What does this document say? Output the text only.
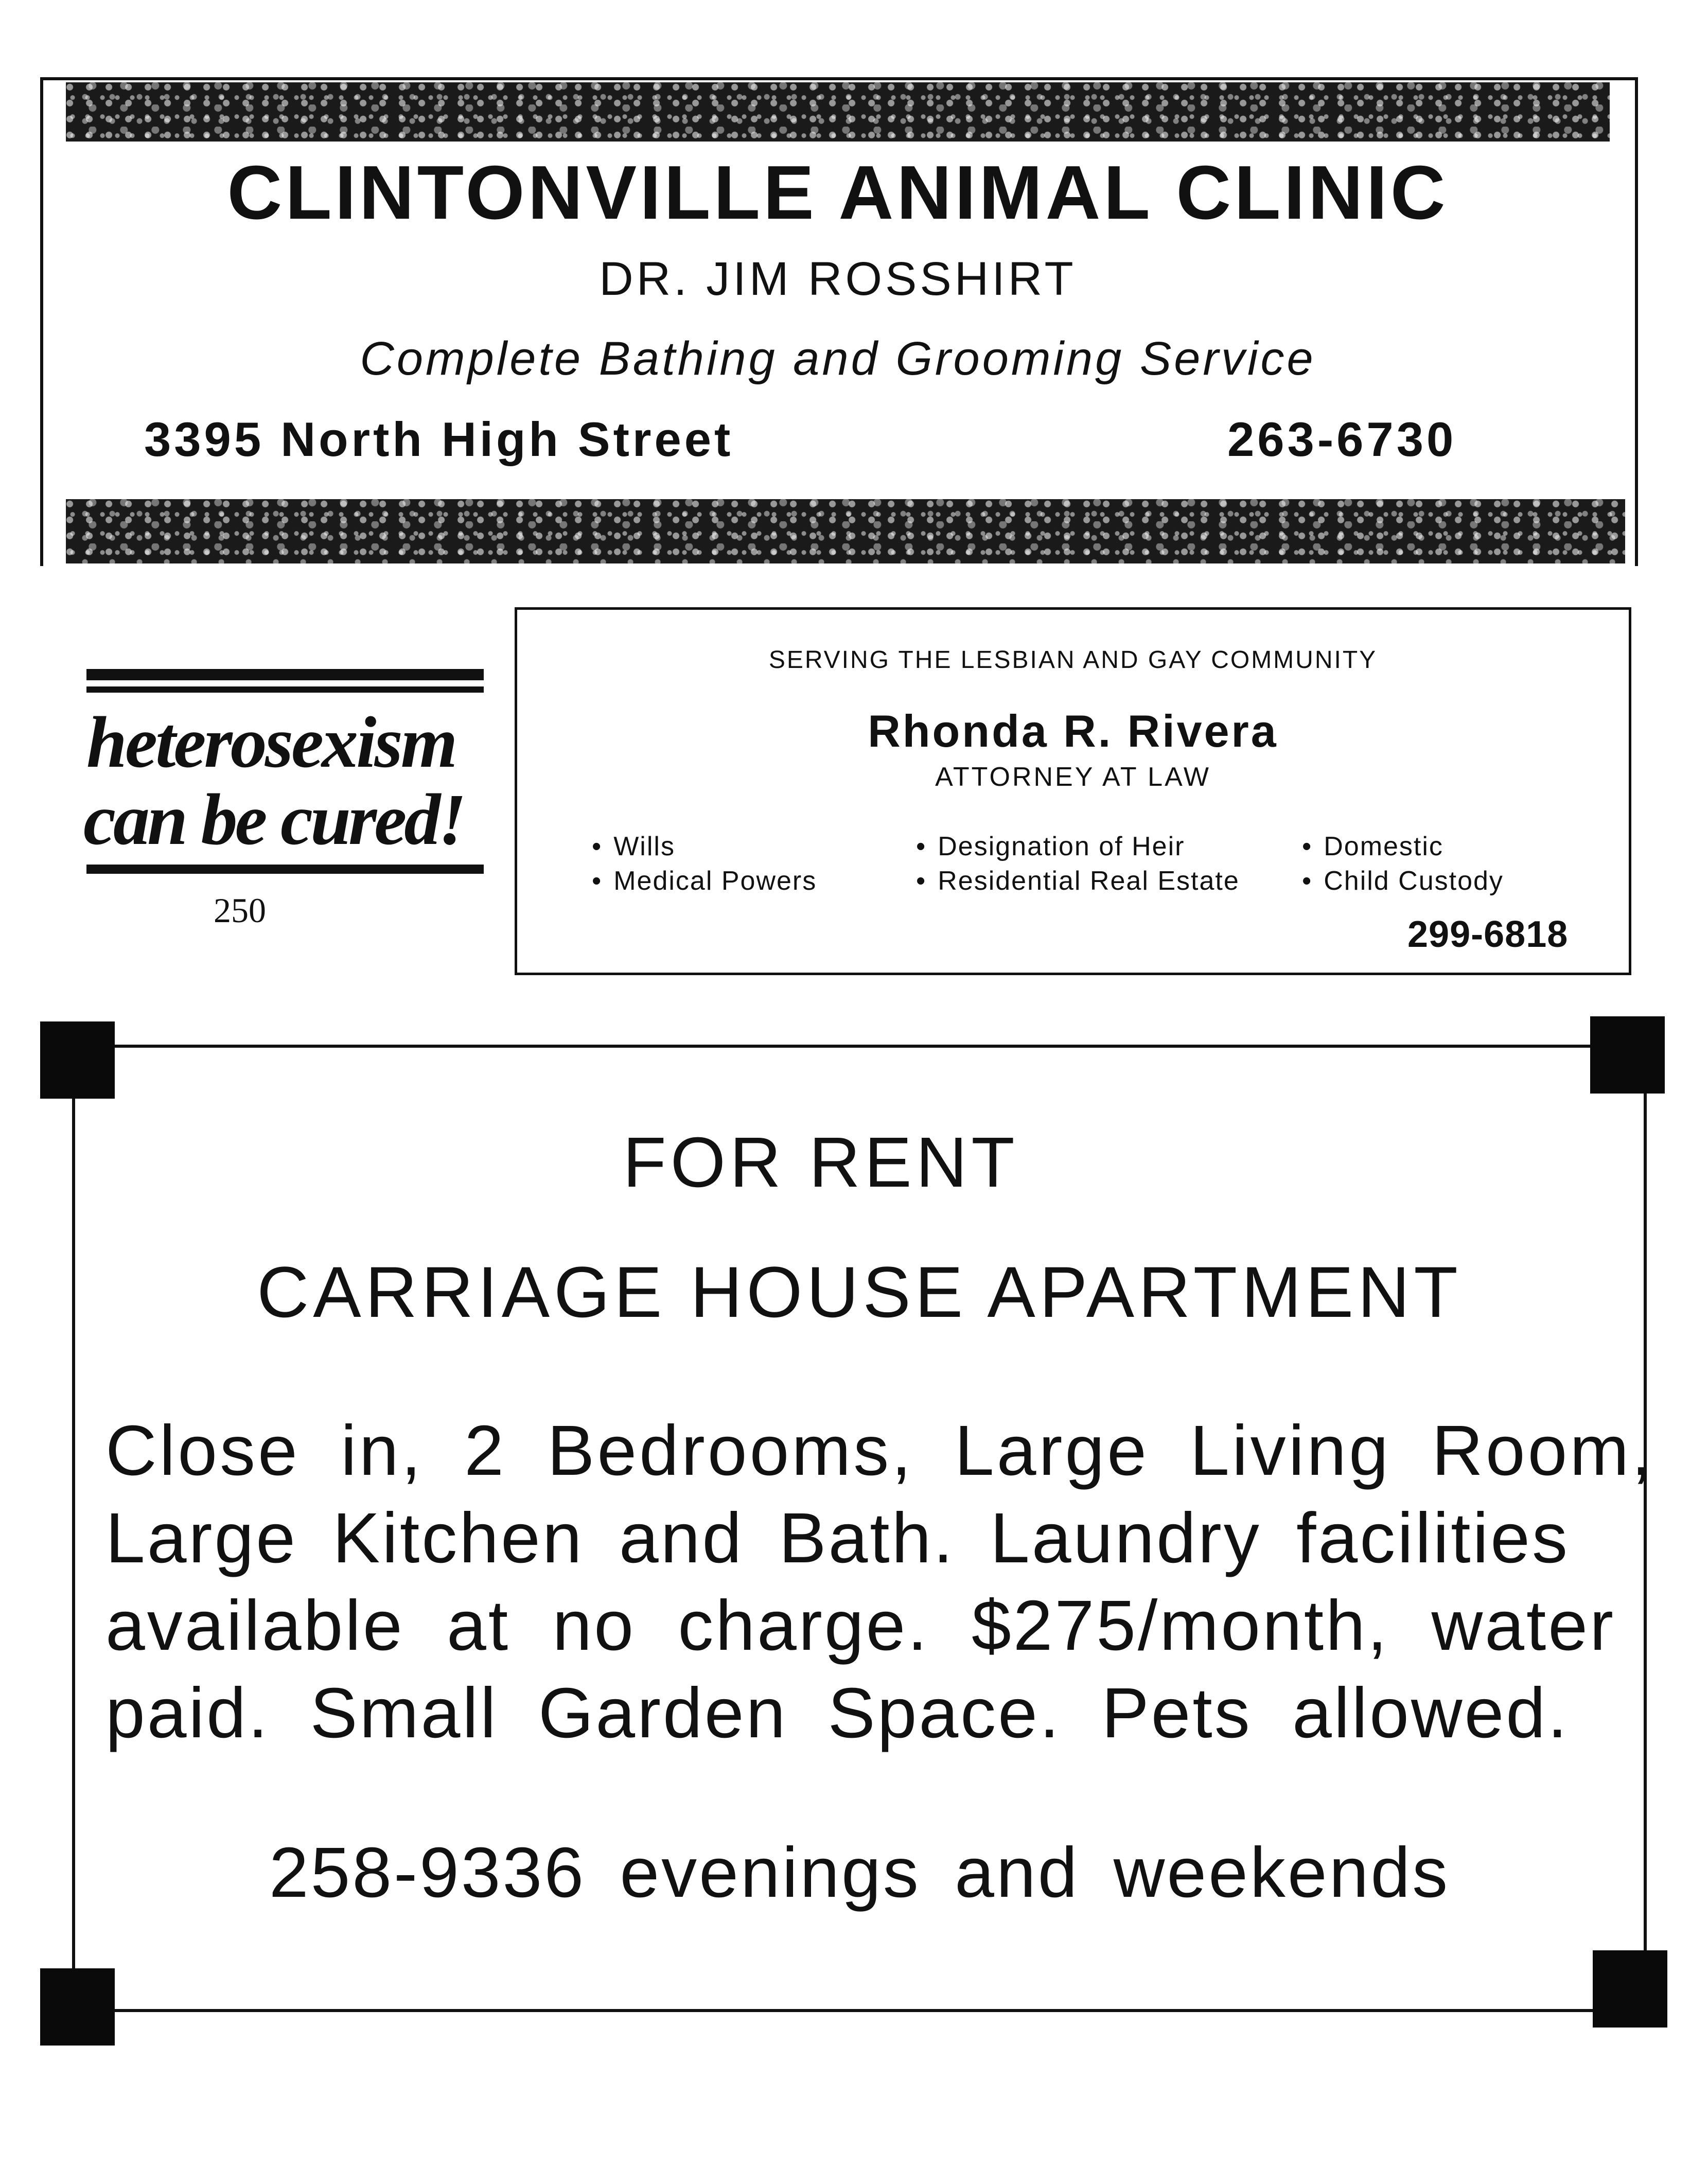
CLINTONVILLE ANIMAL CLINIC
DR. JIM ROSSHIRT
Complete Bathing and Grooming Service
3395 North High Street	263-6730
heterosexism
can be cured!
250
SERVING THE LESBIAN AND GAY COMMUNITY
Rhonda R. Rivera
ATTORNEY AT LAW
• Wills
• Medical Powers
• Designation of Heir
• Residential Real Estate
• Domestic
• Child Custody
299-6818
FOR RENT
CARRIAGE HOUSE APARTMENT
Close in, 2 Bedrooms, Large Living Room,
Large Kitchen and Bath. Laundry facilities
available at no charge. $275/month, water
paid. Small Garden Space. Pets allowed.
258-9336 evenings and weekends
